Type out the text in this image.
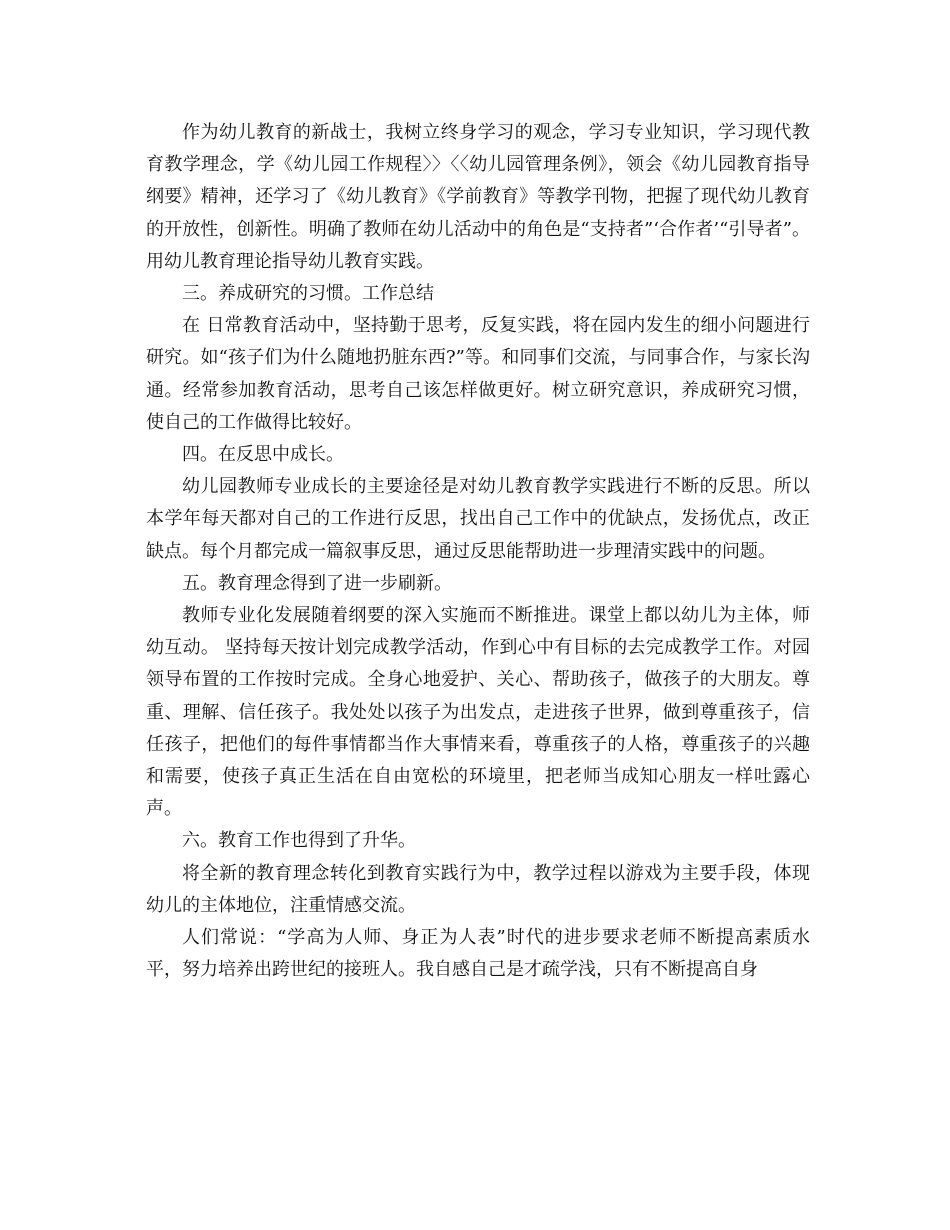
作为幼儿教育的新战士，我树立终身学习的观念，学习专业知识，学习现代教育教学理念，学《幼儿园工作规程〉〉〈〈幼儿园管理条例》，领会《幼儿园教育指导纲要》精神，还学习了《幼儿教育》《学前教育》等教学刊物，把握了现代幼儿教育的开放性，创新性。明确了教师在幼儿活动中的角色是“支持者”‘合作者’“引导者”。用幼儿教育理论指导幼儿教育实践。

三。养成研究的习惯。工作总结

在 日常教育活动中，坚持勤于思考，反复实践，将在园内发生的细小问题进行研究。如“孩子们为什么随地扔脏东西?”等。和同事们交流，与同事合作，与家长沟通。经常参加教育活动，思考自己该怎样做更好。树立研究意识，养成研究习惯，使自己的工作做得比较好。

四。在反思中成长。

幼儿园教师专业成长的主要途径是对幼儿教育教学实践进行不断的反思。所以本学年每天都对自己的工作进行反思，找出自己工作中的优缺点，发扬优点，改正缺点。每个月都完成一篇叙事反思，通过反思能帮助进一步理清实践中的问题。

五。教育理念得到了进一步刷新。

教师专业化发展随着纲要的深入实施而不断推进。课堂上都以幼儿为主体，师幼互动。 坚持每天按计划完成教学活动，作到心中有目标的去完成教学工作。对园领导布置的工作按时完成。全身心地爱护、关心、帮助孩子，做孩子的大朋友。尊重、理解、信任孩子。我处处以孩子为出发点，走进孩子世界，做到尊重孩子，信任孩子，把他们的每件事情都当作大事情来看，尊重孩子的人格，尊重孩子的兴趣和需要，使孩子真正生活在自由宽松的环境里，把老师当成知心朋友一样吐露心声。

六。教育工作也得到了升华。

将全新的教育理念转化到教育实践行为中，教学过程以游戏为主要手段，体现幼儿的主体地位，注重情感交流。

人们常说：“学高为人师、身正为人表”时代的进步要求老师不断提高素质水平，努力培养出跨世纪的接班人。我自感自己是才疏学浅，只有不断提高自身
